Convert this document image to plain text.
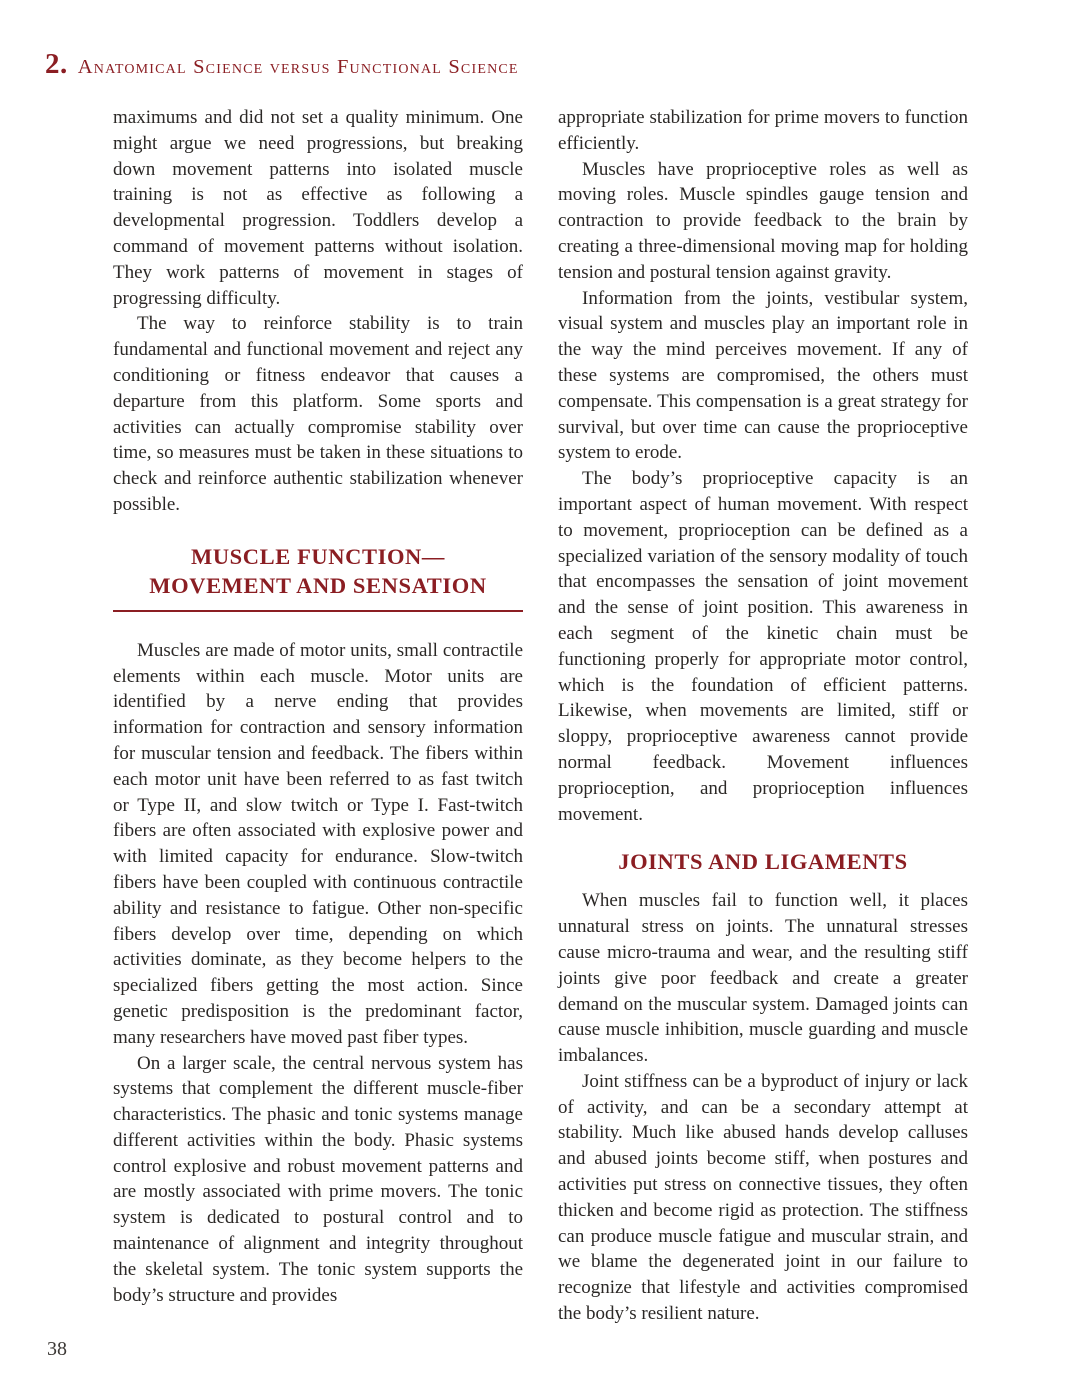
2. Anatomical Science versus Functional Science

maximums and did not set a quality minimum. One might argue we need progressions, but breaking down movement patterns into isolated muscle training is not as effective as following a developmental progression. Toddlers develop a command of movement patterns without isolation. They work patterns of movement in stages of progressing difficulty.

The way to reinforce stability is to train fundamental and functional movement and reject any conditioning or fitness endeavor that causes a departure from this platform. Some sports and activities can actually compromise stability over time, so measures must be taken in these situations to check and reinforce authentic stabilization whenever possible.

MUSCLE FUNCTION—
MOVEMENT AND SENSATION

Muscles are made of motor units, small contractile elements within each muscle. Motor units are identified by a nerve ending that provides information for contraction and sensory information for muscular tension and feedback. The fibers within each motor unit have been referred to as fast twitch or Type II, and slow twitch or Type I. Fast-twitch fibers are often associated with explosive power and with limited capacity for endurance. Slow-twitch fibers have been coupled with continuous contractile ability and resistance to fatigue. Other non-specific fibers develop over time, depending on which activities dominate, as they become helpers to the specialized fibers getting the most action. Since genetic predisposition is the predominant factor, many researchers have moved past fiber types.

On a larger scale, the central nervous system has systems that complement the different muscle-fiber characteristics. The phasic and tonic systems manage different activities within the body. Phasic systems control explosive and robust movement patterns and are mostly associated with prime movers. The tonic system is dedicated to postural control and to maintenance of alignment and integrity throughout the skeletal system. The tonic system supports the body’s structure and provides

appropriate stabilization for prime movers to function efficiently.

Muscles have proprioceptive roles as well as moving roles. Muscle spindles gauge tension and contraction to provide feedback to the brain by creating a three-dimensional moving map for holding tension and postural tension against gravity.

Information from the joints, vestibular system, visual system and muscles play an important role in the way the mind perceives movement. If any of these systems are compromised, the others must compensate. This compensation is a great strategy for survival, but over time can cause the proprioceptive system to erode.

The body’s proprioceptive capacity is an important aspect of human movement. With respect to movement, proprioception can be defined as a specialized variation of the sensory modality of touch that encompasses the sensation of joint movement and the sense of joint position. This awareness in each segment of the kinetic chain must be functioning properly for appropriate motor control, which is the foundation of efficient patterns. Likewise, when movements are limited, stiff or sloppy, proprioceptive awareness cannot provide normal feedback. Movement influences proprioception, and proprioception influences movement.

JOINTS AND LIGAMENTS

When muscles fail to function well, it places unnatural stress on joints. The unnatural stresses cause micro-trauma and wear, and the resulting stiff joints give poor feedback and create a greater demand on the muscular system. Damaged joints can cause muscle inhibition, muscle guarding and muscle imbalances.

Joint stiffness can be a byproduct of injury or lack of activity, and can be a secondary attempt at stability. Much like abused hands develop calluses and abused joints become stiff, when postures and activities put stress on connective tissues, they often thicken and become rigid as protection. The stiffness can produce muscle fatigue and muscular strain, and we blame the degenerated joint in our failure to recognize that lifestyle and activities compromised the body’s resilient nature.

38
